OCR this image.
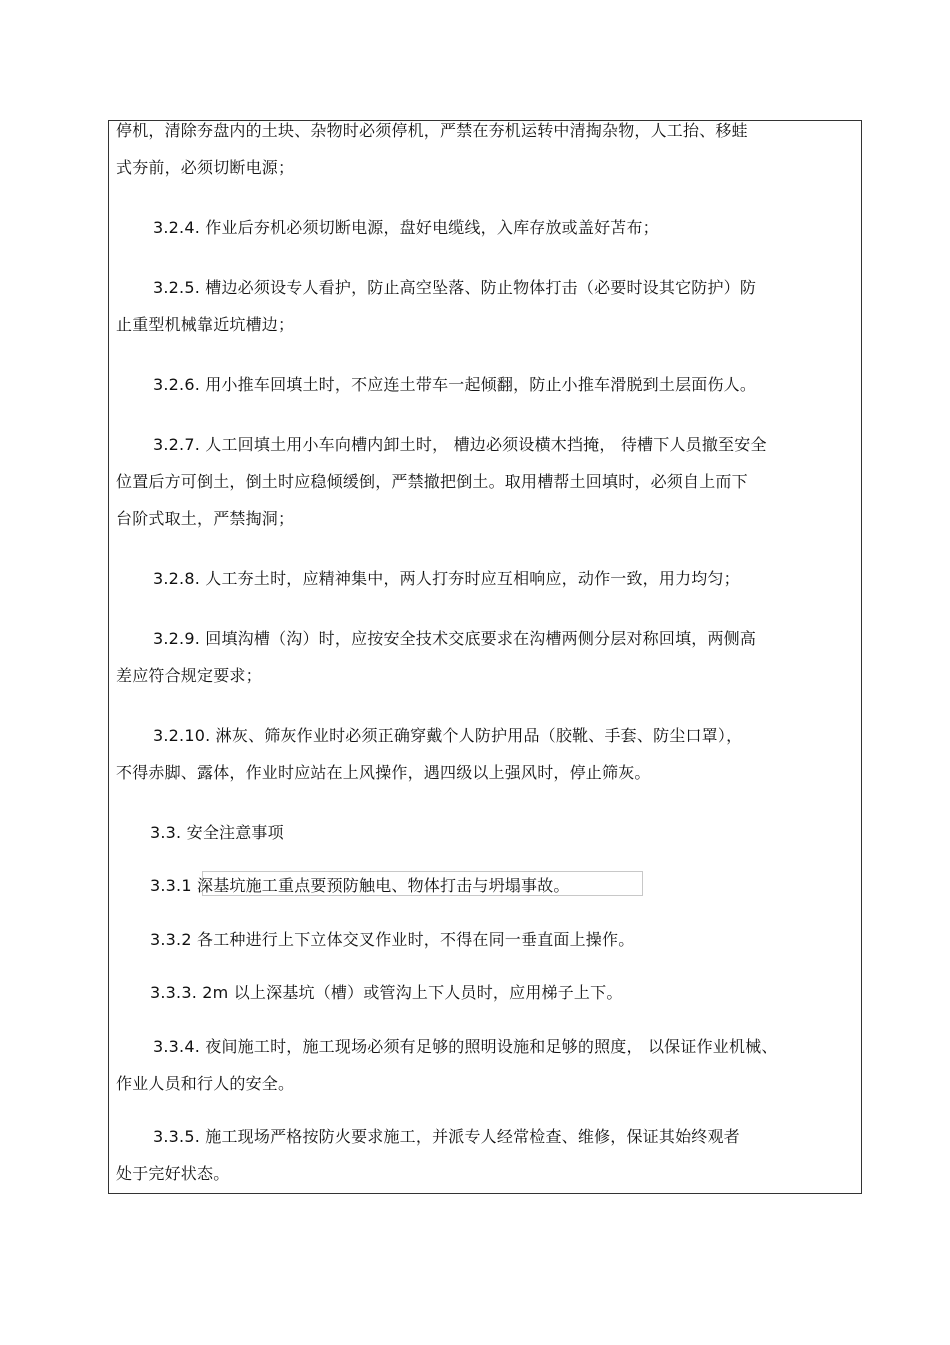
停机，清除夯盘内的土块、杂物时必须停机，严禁在夯机运转中清掏杂物，人工抬、移蛙
式夯前，必须切断电源；
3.2.4. 作业后夯机必须切断电源，盘好电缆线，入库存放或盖好苫布；
3.2.5. 槽边必须设专人看护，防止高空坠落、防止物体打击（必要时设其它防护）防
止重型机械靠近坑槽边；
3.2.6. 用小推车回填土时，不应连土带车一起倾翻，防止小推车滑脱到土层面伤人。
3.2.7. 人工回填土用小车向槽内卸土时， 槽边必须设横木挡掩， 待槽下人员撤至安全
位置后方可倒土，倒土时应稳倾缓倒，严禁撤把倒土。取用槽帮土回填时，必须自上而下
台阶式取土，严禁掏洞；
3.2.8. 人工夯土时，应精神集中，两人打夯时应互相响应，动作一致，用力均匀；
3.2.9. 回填沟槽（沟）时，应按安全技术交底要求在沟槽两侧分层对称回填，两侧高
差应符合规定要求；
3.2.10. 淋灰、筛灰作业时必须正确穿戴个人防护用品（胶靴、手套、防尘口罩），
不得赤脚、露体，作业时应站在上风操作，遇四级以上强风时，停止筛灰。
3.3. 安全注意事项
3.3.1 深基坑施工重点要预防触电、物体打击与坍塌事故。
3.3.2 各工种进行上下立体交叉作业时，不得在同一垂直面上操作。
3.3.3. 2m 以上深基坑（槽）或管沟上下人员时，应用梯子上下。
3.3.4. 夜间施工时，施工现场必须有足够的照明设施和足够的照度， 以保证作业机械、
作业人员和行人的安全。
3.3.5. 施工现场严格按防火要求施工，并派专人经常检查、维修，保证其始终观者
处于完好状态。
